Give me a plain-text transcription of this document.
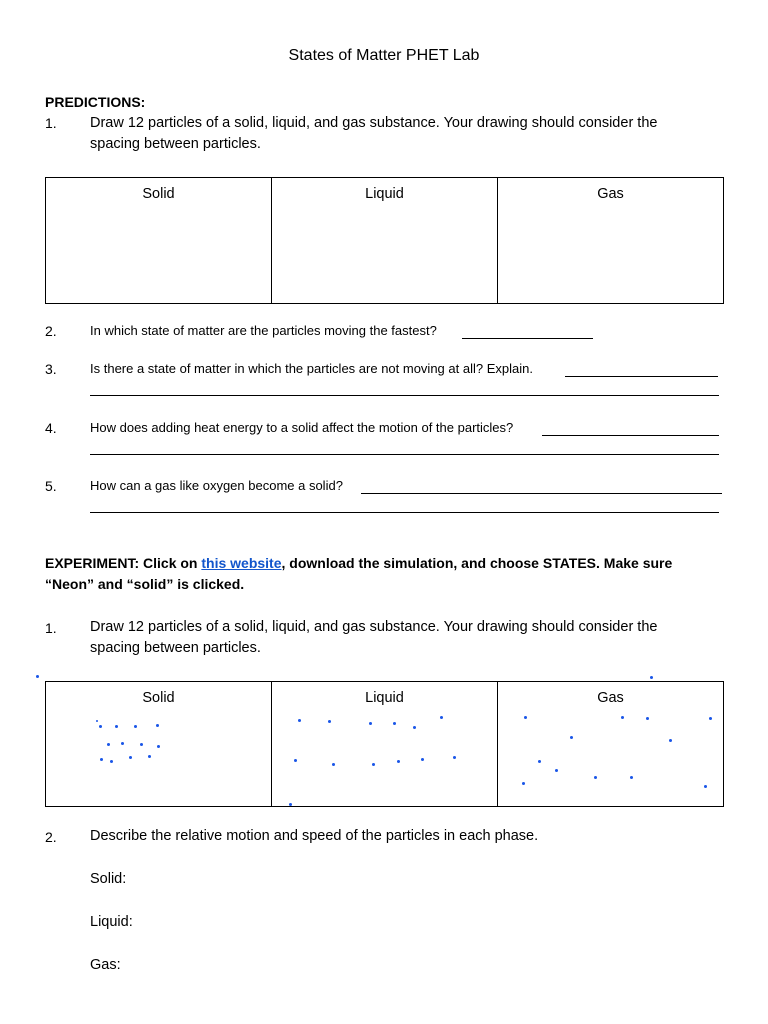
States of Matter PHET Lab
PREDICTIONS:
1. Draw 12 particles of a solid, liquid, and gas substance. Your drawing should consider the spacing between particles.
Solid	Liquid	Gas
2.	In which state of matter are the particles moving the fastest?
3.	Is there a state of matter in which the particles are not moving at all? Explain.
4.	How does adding heat energy to a solid affect the motion of the particles?
5.	How can a gas like oxygen become a solid?
EXPERIMENT: Click on this website, download the simulation, and choose STATES. Make sure “Neon” and “solid” is clicked.
1. Draw 12 particles of a solid, liquid, and gas substance. Your drawing should consider the spacing between particles.
Solid	Liquid	Gas
2. Describe the relative motion and speed of the particles in each phase.
Solid:
Liquid:
Gas:
